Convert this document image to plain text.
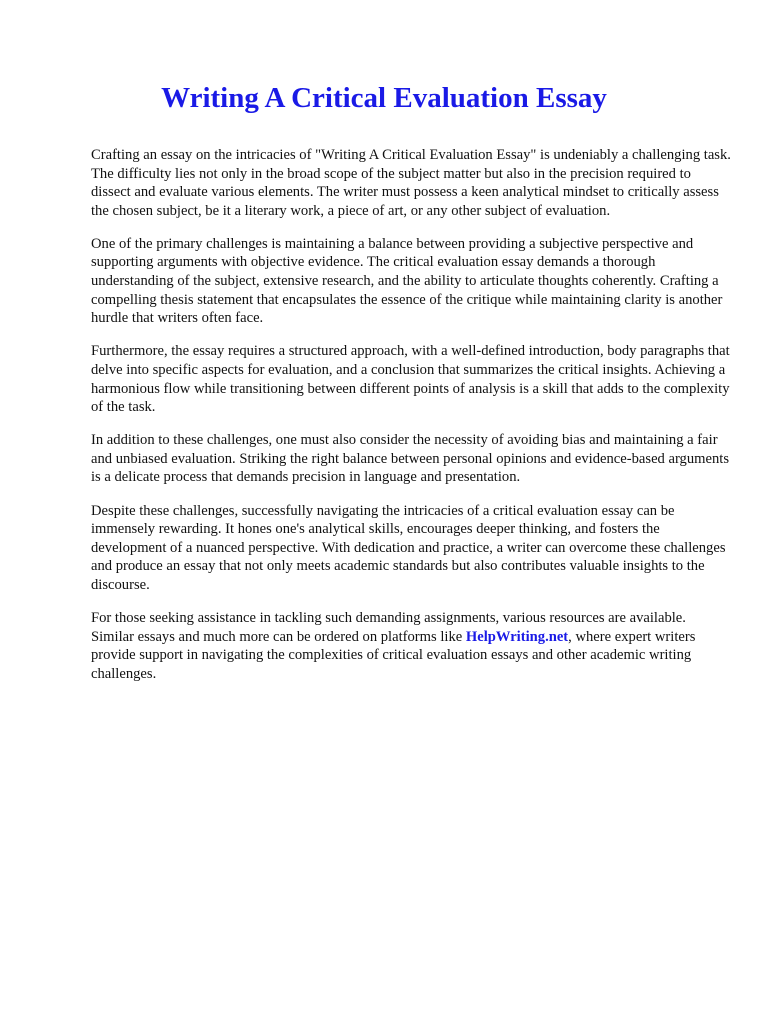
Writing A Critical Evaluation Essay

Crafting an essay on the intricacies of "Writing A Critical Evaluation Essay" is undeniably a challenging task. The difficulty lies not only in the broad scope of the subject matter but also in the precision required to dissect and evaluate various elements. The writer must possess a keen analytical mindset to critically assess the chosen subject, be it a literary work, a piece of art, or any other subject of evaluation.

One of the primary challenges is maintaining a balance between providing a subjective perspective and supporting arguments with objective evidence. The critical evaluation essay demands a thorough understanding of the subject, extensive research, and the ability to articulate thoughts coherently. Crafting a compelling thesis statement that encapsulates the essence of the critique while maintaining clarity is another hurdle that writers often face.

Furthermore, the essay requires a structured approach, with a well-defined introduction, body paragraphs that delve into specific aspects for evaluation, and a conclusion that summarizes the critical insights. Achieving a harmonious flow while transitioning between different points of analysis is a skill that adds to the complexity of the task.

In addition to these challenges, one must also consider the necessity of avoiding bias and maintaining a fair and unbiased evaluation. Striking the right balance between personal opinions and evidence-based arguments is a delicate process that demands precision in language and presentation.

Despite these challenges, successfully navigating the intricacies of a critical evaluation essay can be immensely rewarding. It hones one's analytical skills, encourages deeper thinking, and fosters the development of a nuanced perspective. With dedication and practice, a writer can overcome these challenges and produce an essay that not only meets academic standards but also contributes valuable insights to the discourse.

For those seeking assistance in tackling such demanding assignments, various resources are available. Similar essays and much more can be ordered on platforms like HelpWriting.net, where expert writers provide support in navigating the complexities of critical evaluation essays and other academic writing challenges.
